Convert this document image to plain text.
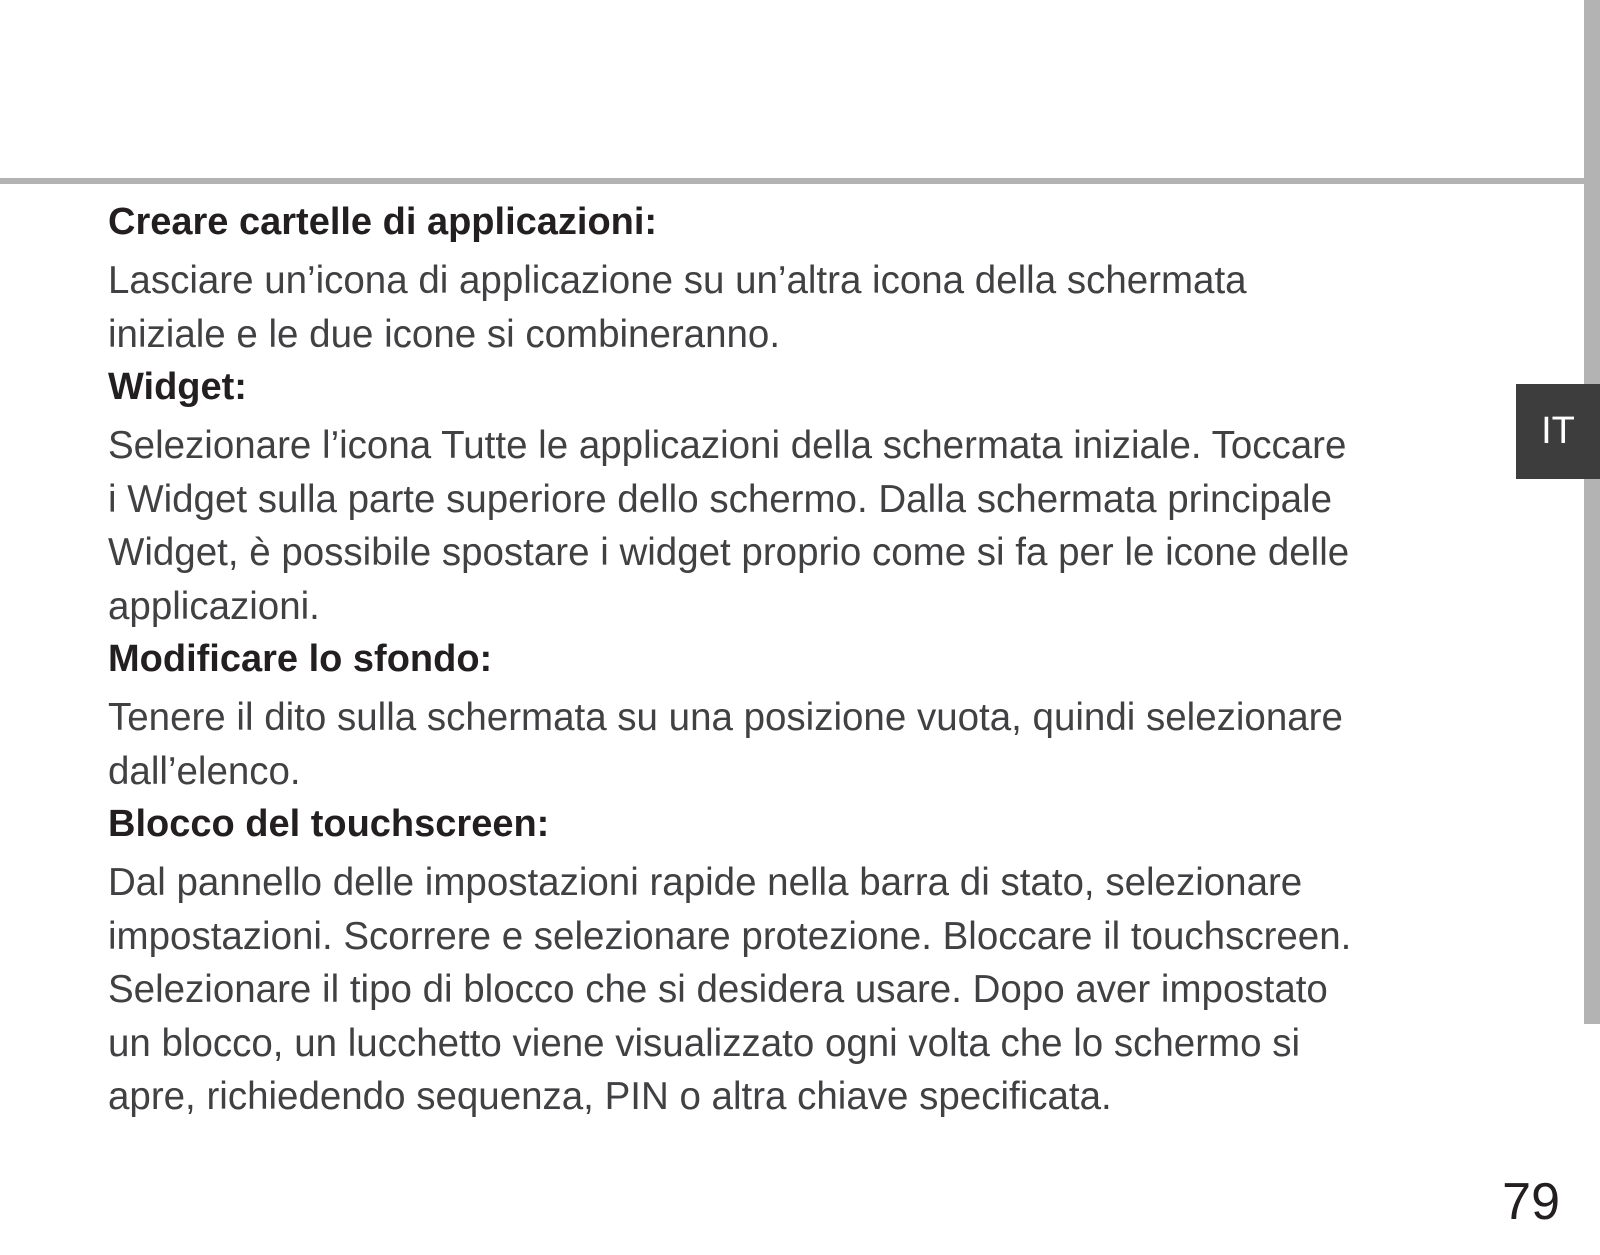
IT
Creare cartelle di applicazioni:

Lasciare un’icona di applicazione su un’altra icona della schermata
iniziale e le due icone si combineranno.

Widget:

Selezionare l’icona Tutte le applicazioni della schermata iniziale. Toccare
i Widget sulla parte superiore dello schermo. Dalla schermata principale
Widget, è possibile spostare i widget proprio come si fa per le icone delle
applicazioni.

Modificare lo sfondo:

Tenere il dito sulla schermata su una posizione vuota, quindi selezionare
dall’elenco.

Blocco del touchscreen:

Dal pannello delle impostazioni rapide nella barra di stato, selezionare
impostazioni. Scorrere e selezionare protezione. Bloccare il touchscreen.
Selezionare il tipo di blocco che si desidera usare. Dopo aver impostato
un blocco, un lucchetto viene visualizzato ogni volta che lo schermo si
apre, richiedendo sequenza, PIN o altra chiave specificata.

79
